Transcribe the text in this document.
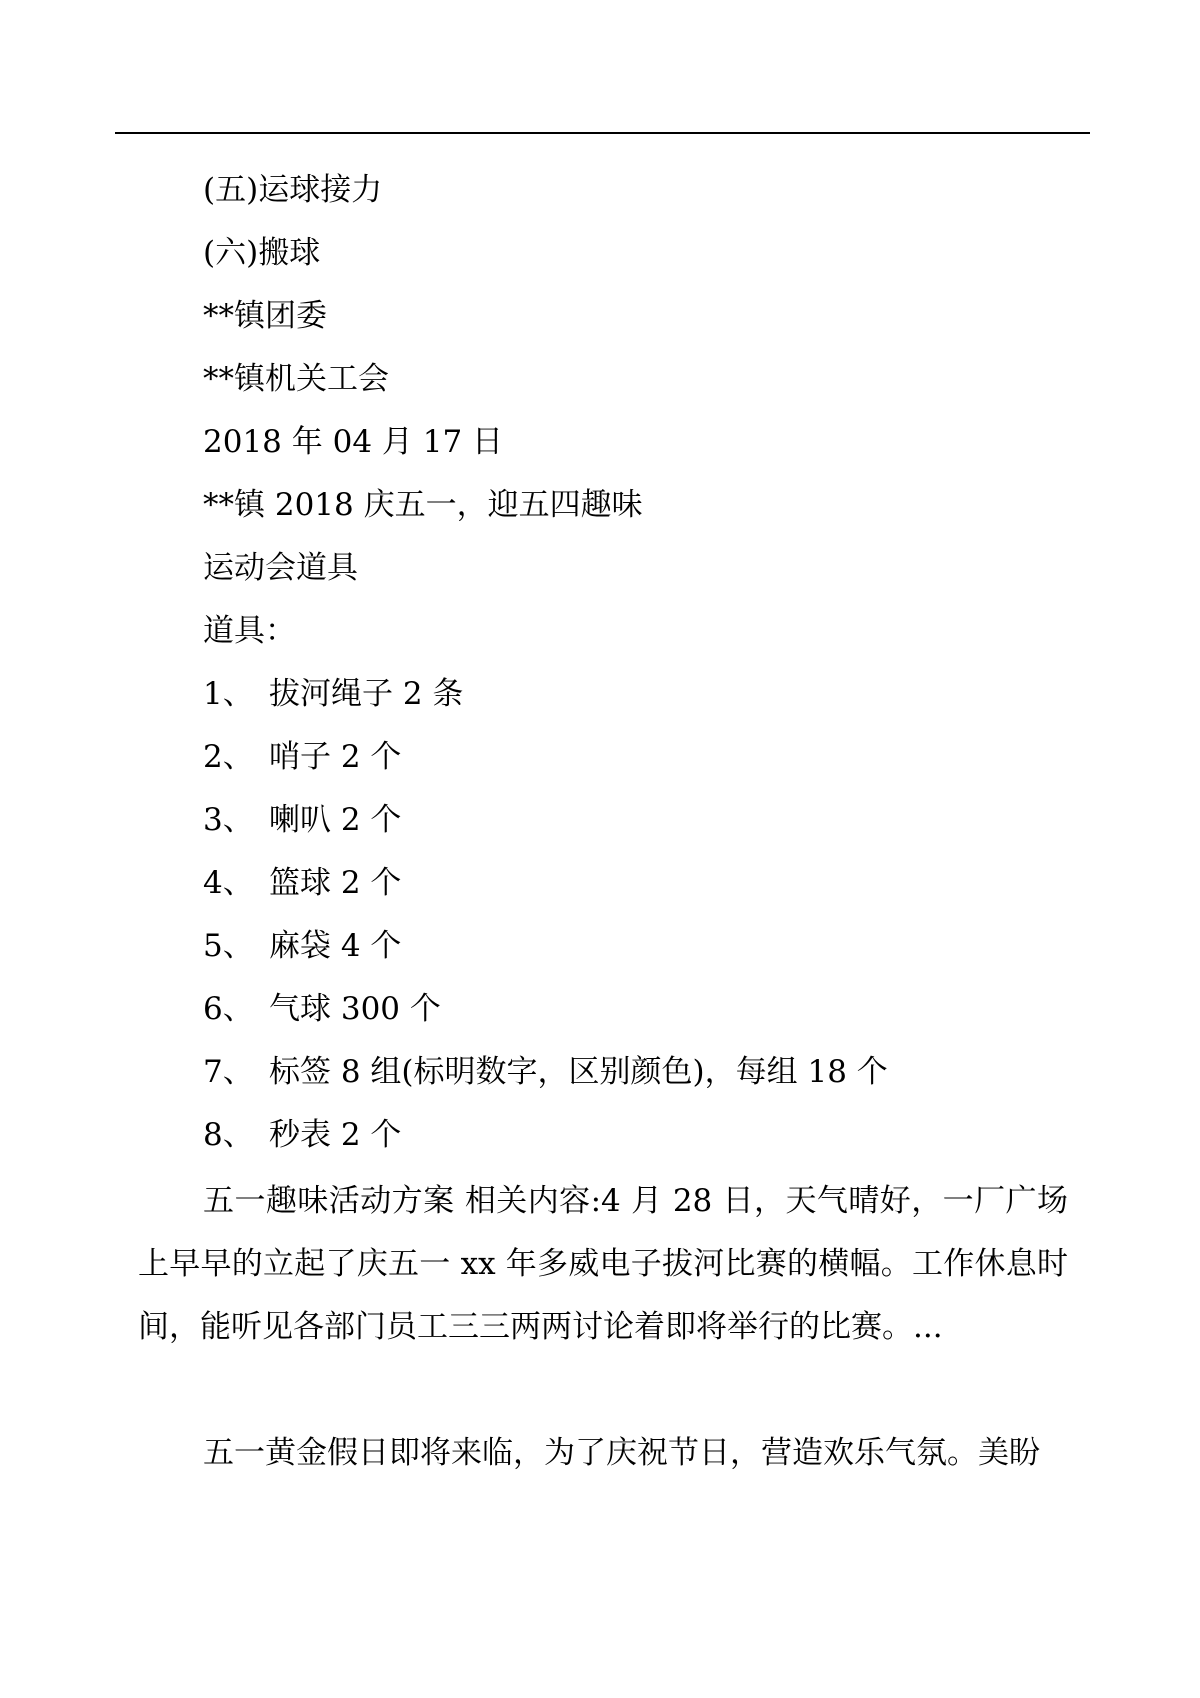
(五)运球接力
(六)搬球
**镇团委
**镇机关工会
2018 年 04 月 17 日
**镇 2018 庆五一，迎五四趣味
运动会道具
道具：
1、 拔河绳子 2 条
2、 哨子 2 个
3、 喇叭 2 个
4、 篮球 2 个
5、 麻袋 4 个
6、 气球 300 个
7、 标签 8 组(标明数字，区别颜色)，每组 18 个
8、 秒表 2 个
五一趣味活动方案 相关内容:4 月 28 日，天气晴好，一厂广场上早早的立起了庆五一 xx 年多威电子拔河比赛的横幅。工作休息时间，能听见各部门员工三三两两讨论着即将举行的比赛。...
五一黄金假日即将来临，为了庆祝节日，营造欢乐气氛。美盼
